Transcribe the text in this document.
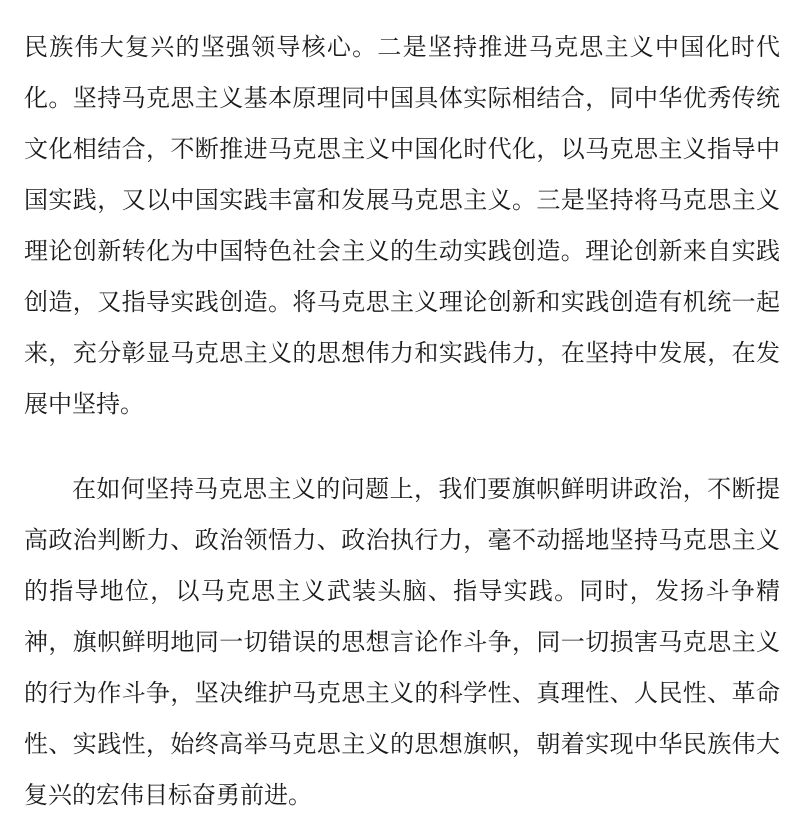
民族伟大复兴的坚强领导核心。二是坚持推进马克思主义中国化时代化。坚持马克思主义基本原理同中国具体实际相结合，同中华优秀传统文化相结合，不断推进马克思主义中国化时代化，以马克思主义指导中国实践，又以中国实践丰富和发展马克思主义。三是坚持将马克思主义理论创新转化为中国特色社会主义的生动实践创造。理论创新来自实践创造，又指导实践创造。将马克思主义理论创新和实践创造有机统一起来，充分彰显马克思主义的思想伟力和实践伟力，在坚持中发展，在发展中坚持。

在如何坚持马克思主义的问题上，我们要旗帜鲜明讲政治，不断提高政治判断力、政治领悟力、政治执行力，毫不动摇地坚持马克思主义的指导地位，以马克思主义武装头脑、指导实践。同时，发扬斗争精神，旗帜鲜明地同一切错误的思想言论作斗争，同一切损害马克思主义的行为作斗争，坚决维护马克思主义的科学性、真理性、人民性、革命性、实践性，始终高举马克思主义的思想旗帜，朝着实现中华民族伟大复兴的宏伟目标奋勇前进。
